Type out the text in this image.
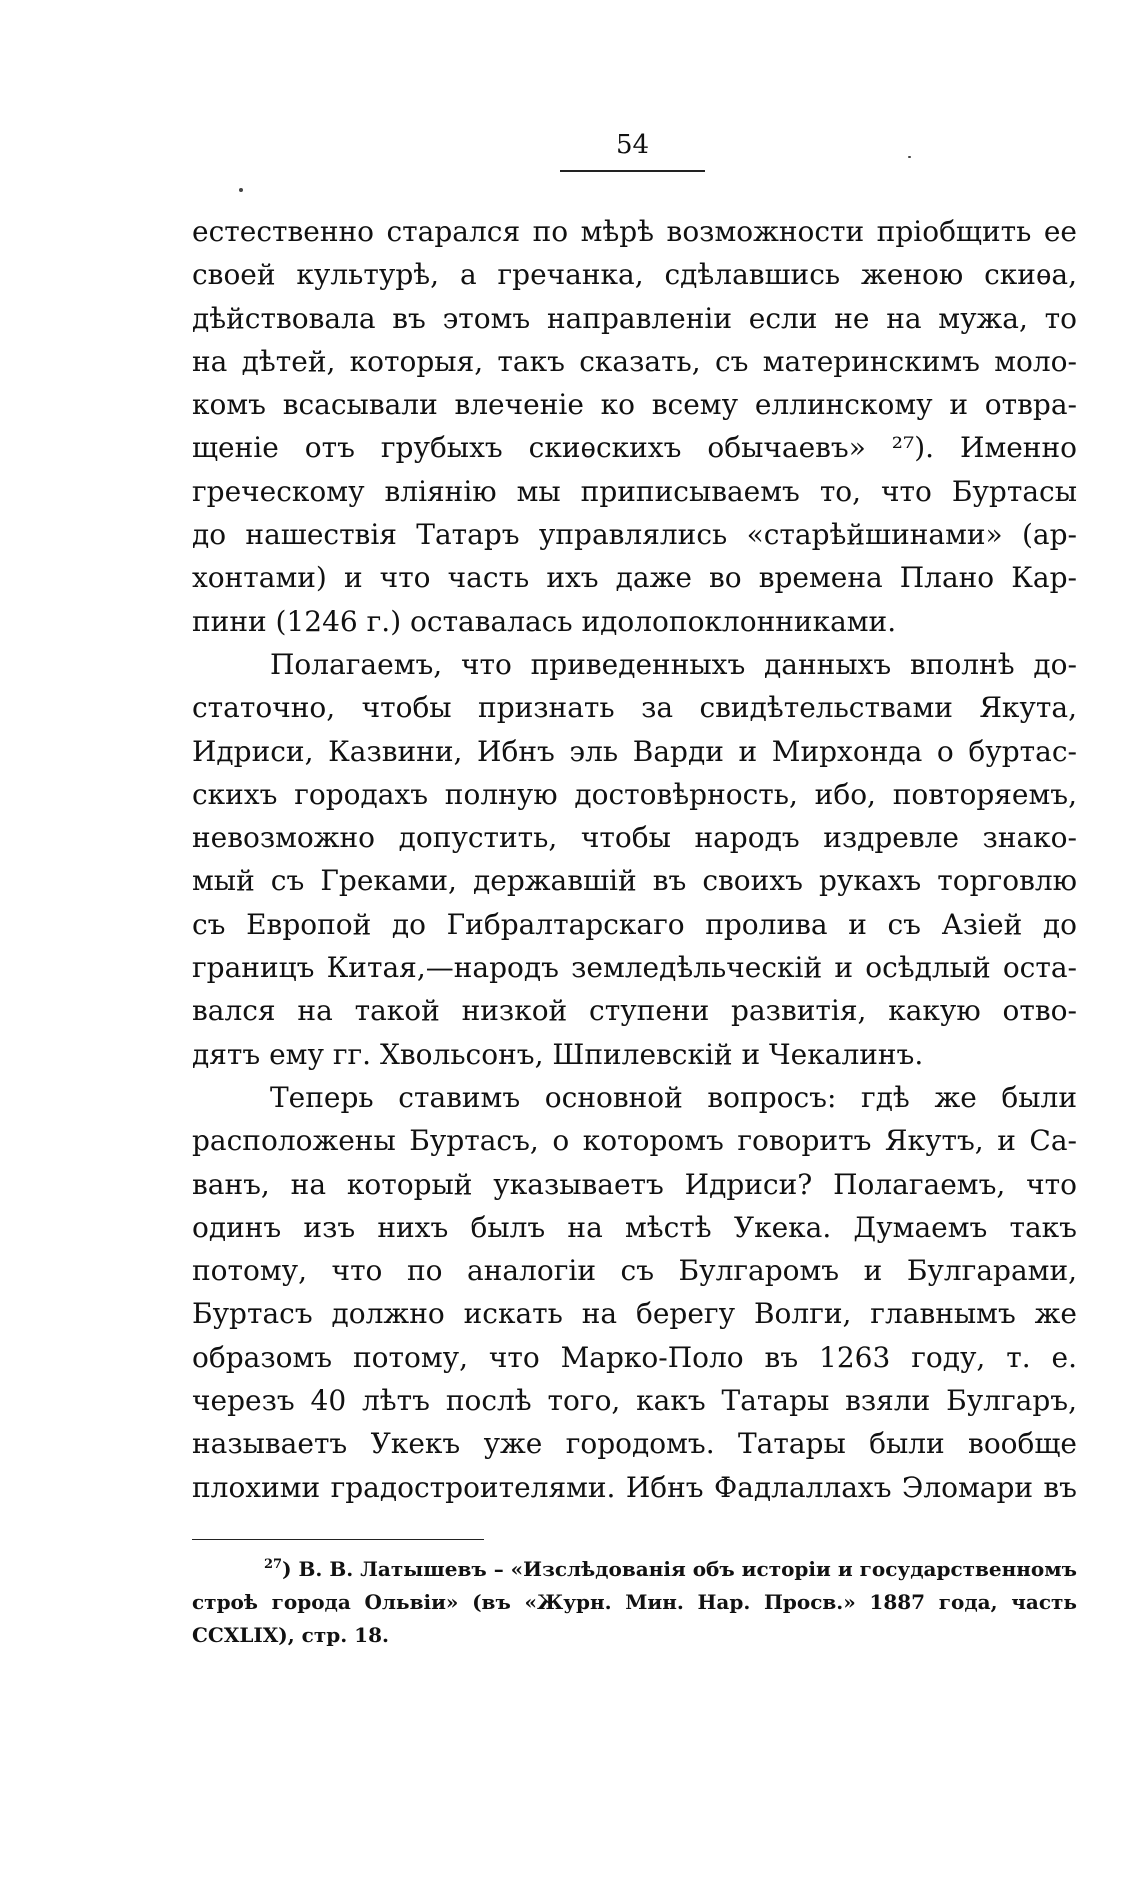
54

естественно старался по мѣрѣ возможности пріобщить ее
своей культурѣ, а гречанка, сдѣлавшись женою скиѳа,
дѣйствовала въ этомъ направленіи если не на мужа, то
на дѣтей, которыя, такъ сказать, съ материнскимъ моло-
комъ всасывали влеченіе ко всему еллинскому и отвра-
щеніе отъ грубыхъ скиѳскихъ обычаевъ» ²⁷). Именно
греческому вліянію мы приписываемъ то, что Буртасы
до нашествія Татаръ управлялись «старѣйшинами» (ар-
хонтами) и что часть ихъ даже во времена Плано Кар-
пини (1246 г.) оставалась идолопоклонниками.

Полагаемъ, что приведенныхъ данныхъ вполнѣ до-
статочно, чтобы признать за свидѣтельствами Якута,
Идриси, Казвини, Ибнъ эль Варди и Мирхонда о буртас-
скихъ городахъ полную достовѣрность, ибо, повторяемъ,
невозможно допустить, чтобы народъ издревле знако-
мый съ Греками, державшій въ своихъ рукахъ торговлю
съ Европой до Гибралтарскаго пролива и съ Азіей до
границъ Китая,—народъ земледѣльческій и осѣдлый оста-
вался на такой низкой ступени развитія, какую отво-
дятъ ему гг. Хвольсонъ, Шпилевскій и Чекалинъ.

Теперь ставимъ основной вопросъ: гдѣ же были
расположены Буртасъ, о которомъ говоритъ Якутъ, и Са-
ванъ, на который указываетъ Идриси? Полагаемъ, что
одинъ изъ нихъ былъ на мѣстѣ Укека. Думаемъ такъ
потому, что по аналогіи съ Булгаромъ и Булгарами,
Буртасъ должно искать на берегу Волги, главнымъ же
образомъ потому, что Марко-Поло въ 1263 году, т. е.
черезъ 40 лѣтъ послѣ того, какъ Татары взяли Булгаръ,
называетъ Укекъ уже городомъ. Татары были вообще
плохими градостроителями. Ибнъ Фадлаллахъ Эломари въ

$^{27}$) В. В. Латышевъ – «Изслѣдованія объ исторіи и государственномъ
строѣ города Ольвіи» (въ «Журн. Мин. Нар. Просв.» 1887 года, часть
CCXLIX), стр. 18.
